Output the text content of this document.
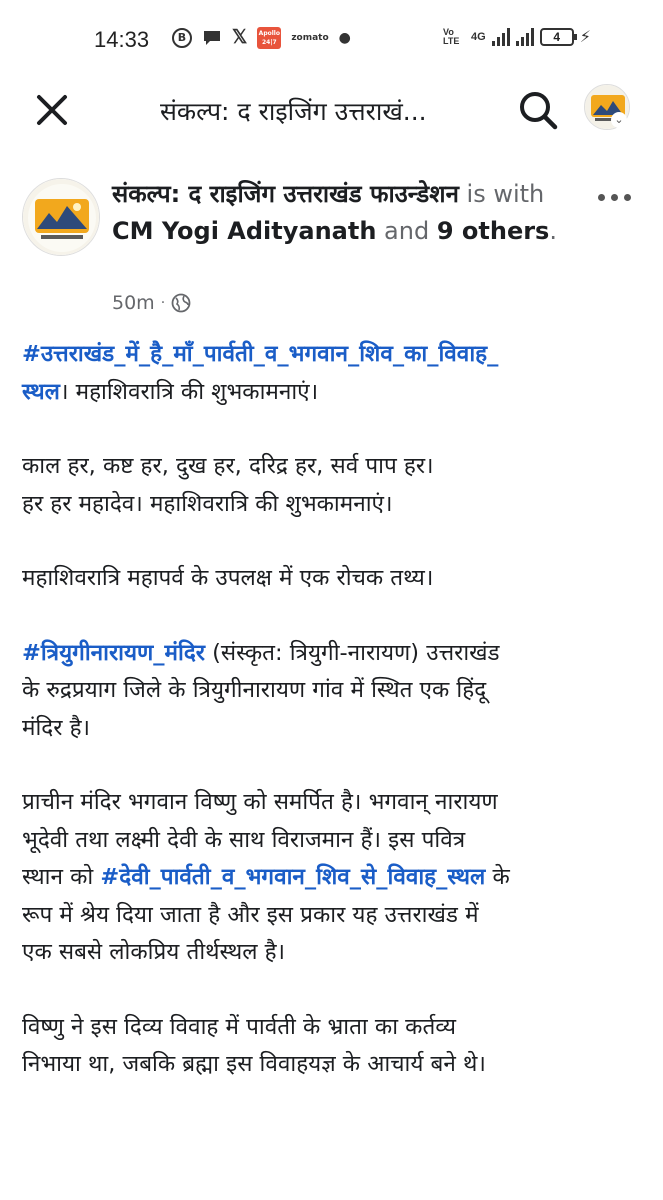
14:33	B	𝕏 Apollo 24|7	zomato ●	Vo LTE	4G	4	⚡
संकल्प: द राइजिंग उत्तराखं...	⌄
संकल्प: द राइजिंग उत्तराखंड फाउन्डेशन is with CM Yogi Adityanath and 9 others.
50m ·

#उत्तराखंड_में_है_माँ_पार्वती_व_भगवान_शिव_का_विवाह_
स्थल। महाशिवरात्रि की शुभकामनाएं।

काल हर, कष्ट हर, दुख हर, दरिद्र हर, सर्व पाप हर।
हर हर महादेव। महाशिवरात्रि की शुभकामनाएं।

महाशिवरात्रि महापर्व के उपलक्ष में एक रोचक तथ्य।

#त्रियुगीनारायण_मंदिर (संस्कृत: त्रियुगी-नारायण) उत्तराखंड
के रुद्रप्रयाग जिले के त्रियुगीनारायण गांव में स्थित एक हिंदू
मंदिर है।

प्राचीन मंदिर भगवान विष्णु को समर्पित है। भगवान् नारायण
भूदेवी तथा लक्ष्मी देवी के साथ विराजमान हैं। इस पवित्र
स्थान को #देवी_पार्वती_व_भगवान_शिव_से_विवाह_स्थल के
रूप में श्रेय दिया जाता है और इस प्रकार यह उत्तराखंड में
एक सबसे लोकप्रिय तीर्थस्थल है।

विष्णु ने इस दिव्य विवाह में पार्वती के भ्राता का कर्तव्य
निभाया था, जबकि ब्रह्मा इस विवाहयज्ञ के आचार्य बने थे।
